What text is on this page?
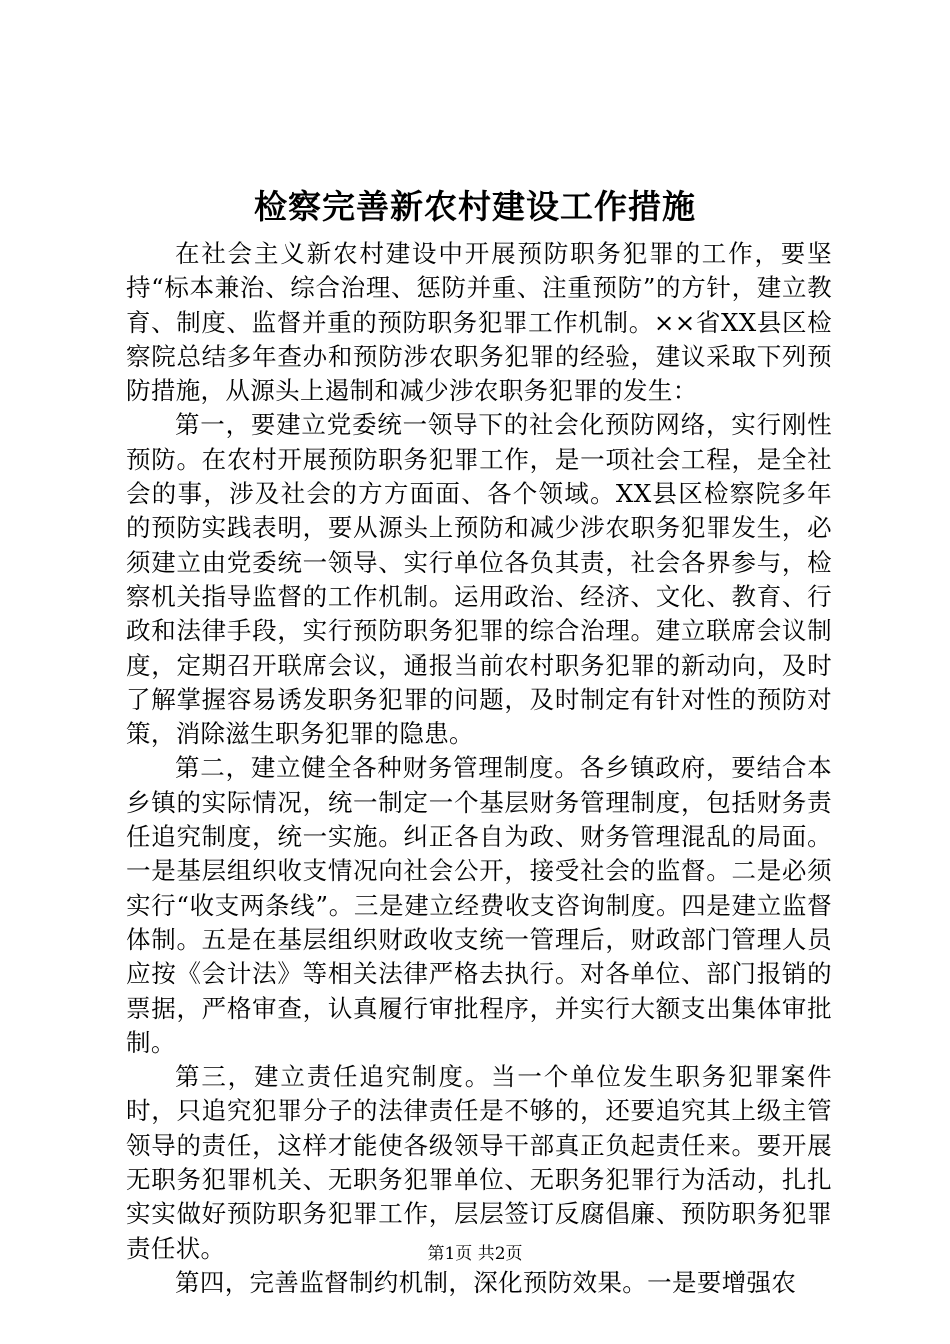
检察完善新农村建设工作措施

在社会主义新农村建设中开展预防职务犯罪的工作，要坚持“标本兼治、综合治理、惩防并重、注重预防”的方针，建立教育、制度、监督并重的预防职务犯罪工作机制。××省XX县区检察院总结多年查办和预防涉农职务犯罪的经验，建议采取下列预防措施，从源头上遏制和减少涉农职务犯罪的发生：

第一，要建立党委统一领导下的社会化预防网络，实行刚性预防。在农村开展预防职务犯罪工作，是一项社会工程，是全社会的事，涉及社会的方方面面、各个领域。XX县区检察院多年的预防实践表明，要从源头上预防和减少涉农职务犯罪发生，必须建立由党委统一领导、实行单位各负其责，社会各界参与，检察机关指导监督的工作机制。运用政治、经济、文化、教育、行政和法律手段，实行预防职务犯罪的综合治理。建立联席会议制度，定期召开联席会议，通报当前农村职务犯罪的新动向，及时了解掌握容易诱发职务犯罪的问题，及时制定有针对性的预防对策，消除滋生职务犯罪的隐患。

第二，建立健全各种财务管理制度。各乡镇政府，要结合本乡镇的实际情况，统一制定一个基层财务管理制度，包括财务责任追究制度，统一实施。纠正各自为政、财务管理混乱的局面。一是基层组织收支情况向社会公开，接受社会的监督。二是必须实行“收支两条线”。三是建立经费收支咨询制度。四是建立监督体制。五是在基层组织财政收支统一管理后，财政部门管理人员应按《会计法》等相关法律严格去执行。对各单位、部门报销的票据，严格审查，认真履行审批程序，并实行大额支出集体审批制。

第三，建立责任追究制度。当一个单位发生职务犯罪案件时，只追究犯罪分子的法律责任是不够的，还要追究其上级主管领导的责任，这样才能使各级领导干部真正负起责任来。要开展无职务犯罪机关、无职务犯罪单位、无职务犯罪行为活动，扎扎实实做好预防职务犯罪工作，层层签订反腐倡廉、预防职务犯罪责任状。

第四，完善监督制约机制，深化预防效果。一是要增强农

第1页 共2页
